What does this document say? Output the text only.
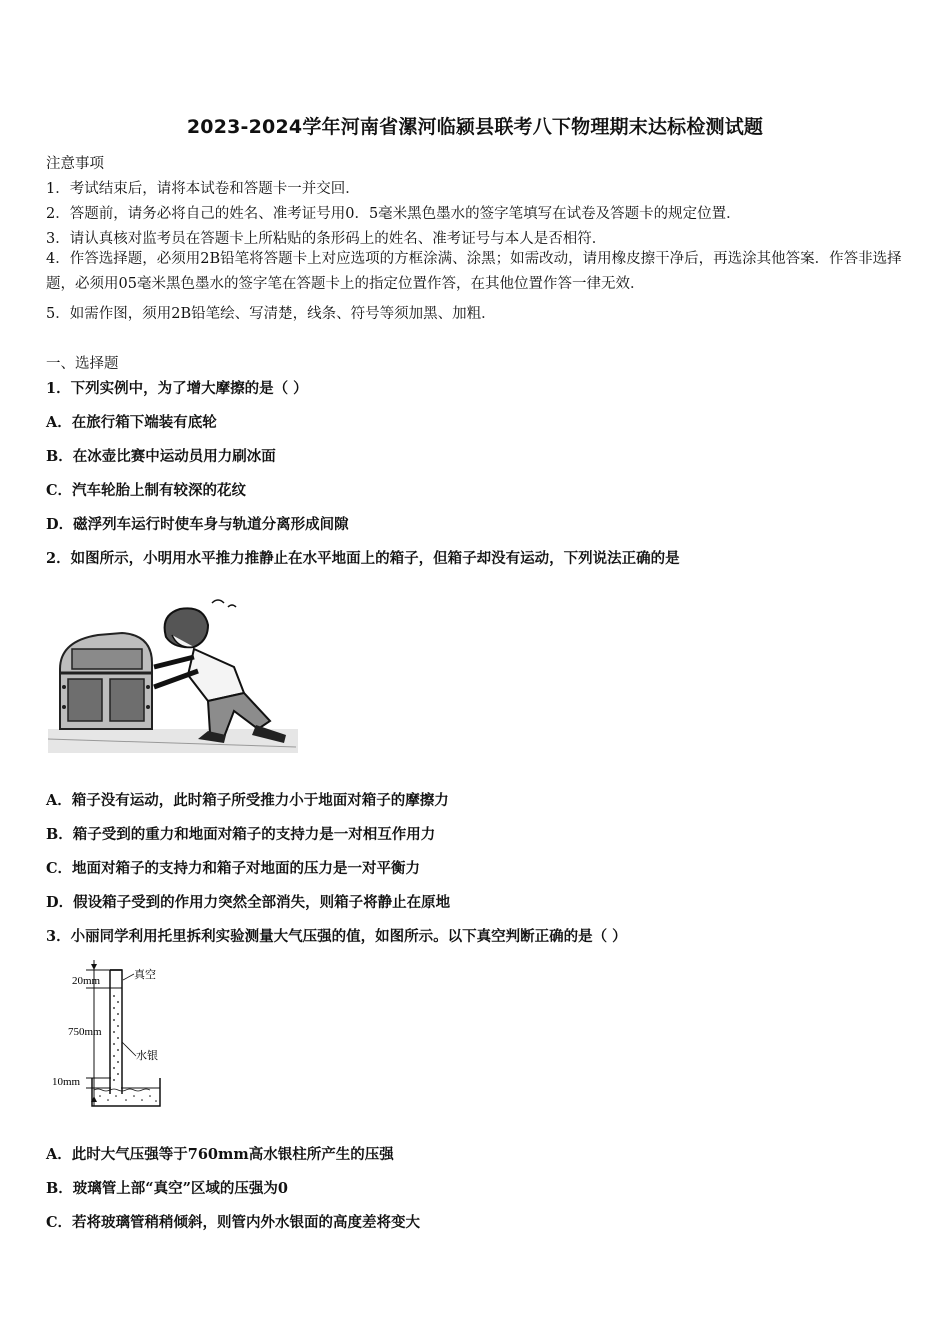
2023-2024学年河南省漯河临颍县联考八下物理期末达标检测试题
注意事项
1．考试结束后，请将本试卷和答题卡一并交回．
2．答题前，请务必将自己的姓名、准考证号用0．5毫米黑色墨水的签字笔填写在试卷及答题卡的规定位置．
3．请认真核对监考员在答题卡上所粘贴的条形码上的姓名、准考证号与本人是否相符．
4．作答选择题，必须用2B铅笔将答题卡上对应选项的方框涂满、涂黑；如需改动，请用橡皮擦干净后，再选涂其他答案．作答非选择题，必须用05毫米黑色墨水的签字笔在答题卡上的指定位置作答，在其他位置作答一律无效．
5．如需作图，须用2B铅笔绘、写清楚，线条、符号等须加黑、加粗．
一、选择题
1．下列实例中，为了增大摩擦的是（ ）
A．在旅行箱下端装有底轮
B．在冰壶比赛中运动员用力刷冰面
C．汽车轮胎上制有较深的花纹
D．磁浮列车运行时使车身与轨道分离形成间隙
2．如图所示，小明用水平推力推静止在水平地面上的箱子，但箱子却没有运动，下列说法正确的是
A．箱子没有运动，此时箱子所受推力小于地面对箱子的摩擦力
B．箱子受到的重力和地面对箱子的支持力是一对相互作用力
C．地面对箱子的支持力和箱子对地面的压力是一对平衡力
D．假设箱子受到的作用力突然全部消失，则箱子将静止在原地
3．小丽同学利用托里拆利实验测量大气压强的值，如图所示。以下真空判断正确的是（ ）
20mm
750mm
10mm
真空
水银
A．此时大气压强等于760mm高水银柱所产生的压强
B．玻璃管上部“真空”区域的压强为0
C．若将玻璃管稍稍倾斜，则管内外水银面的高度差将变大
